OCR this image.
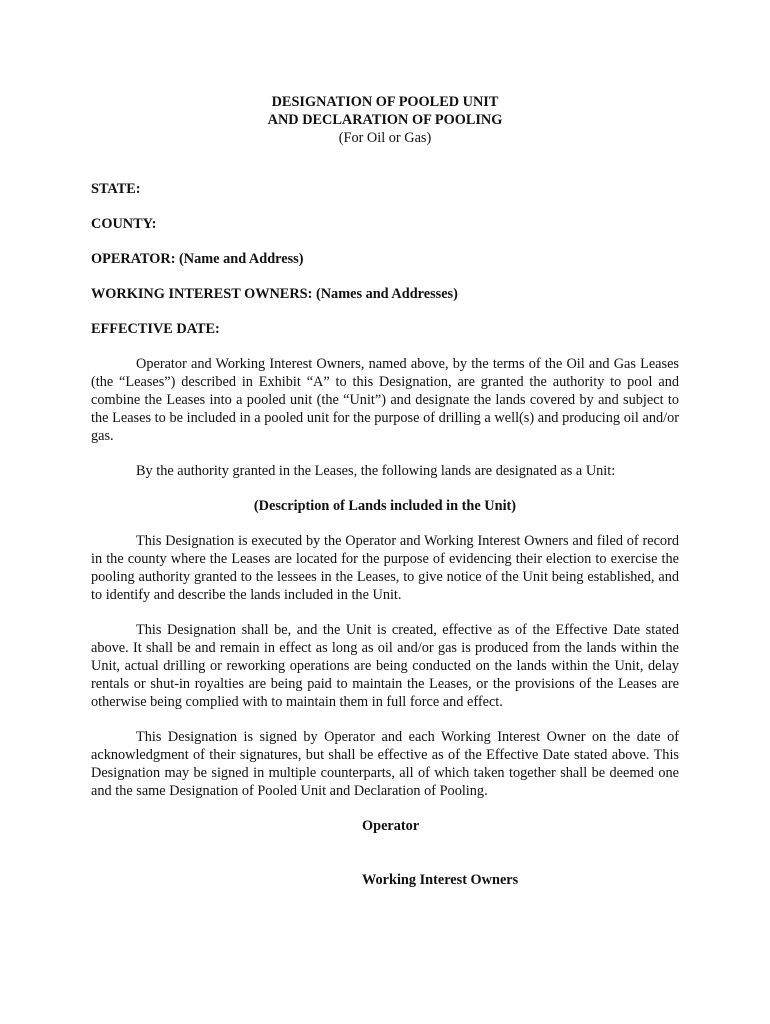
DESIGNATION OF POOLED UNIT
AND DECLARATION OF POOLING
(For Oil or Gas)

STATE:

COUNTY:

OPERATOR: (Name and Address)

WORKING INTEREST OWNERS: (Names and Addresses)

EFFECTIVE DATE:

Operator and Working Interest Owners, named above, by the terms of the Oil and Gas Leases (the “Leases”) described in Exhibit “A” to this Designation, are granted the authority to pool and combine the Leases into a pooled unit (the “Unit”) and designate the lands covered by and subject to the Leases to be included in a pooled unit for the purpose of drilling a well(s) and producing oil and/or gas.

By the authority granted in the Leases, the following lands are designated as a Unit:

(Description of Lands included in the Unit)

This Designation is executed by the Operator and Working Interest Owners and filed of record in the county where the Leases are located for the purpose of evidencing their election to exercise the pooling authority granted to the lessees in the Leases, to give notice of the Unit being established, and to identify and describe the lands included in the Unit.

This Designation shall be, and the Unit is created, effective as of the Effective Date stated above. It shall be and remain in effect as long as oil and/or gas is produced from the lands within the Unit, actual drilling or reworking operations are being conducted on the lands within the Unit, delay rentals or shut-in royalties are being paid to maintain the Leases, or the provisions of the Leases are otherwise being complied with to maintain them in full force and effect.

This Designation is signed by Operator and each Working Interest Owner on the date of acknowledgment of their signatures, but shall be effective as of the Effective Date stated above. This Designation may be signed in multiple counterparts, all of which taken together shall be deemed one and the same Designation of Pooled Unit and Declaration of Pooling.

Operator
Working Interest Owners
